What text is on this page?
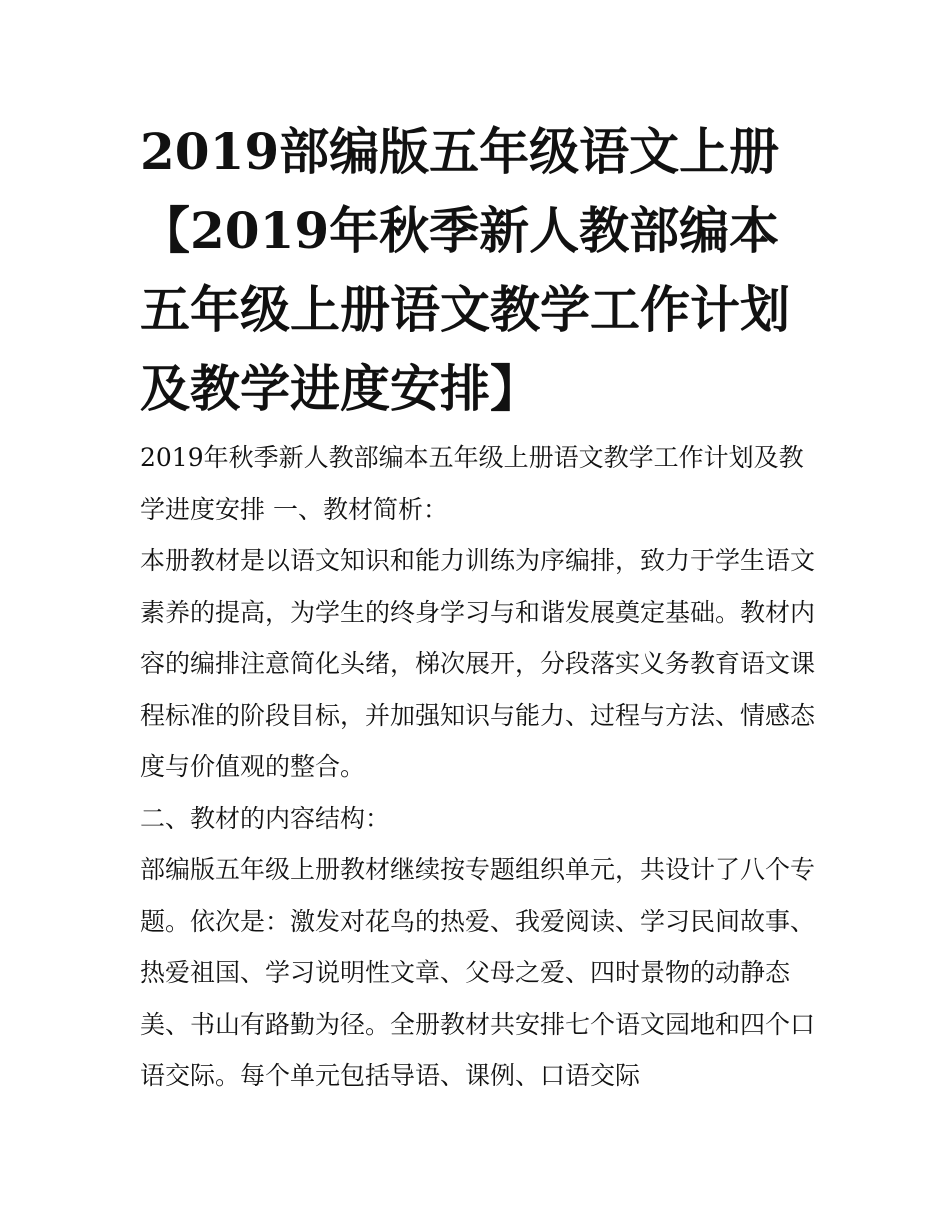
2019部编版五年级语文上册【2019年秋季新人教部编本五年级上册语文教学工作计划及教学进度安排】

2019年秋季新人教部编本五年级上册语文教学工作计划及教学进度安排 一、教材简析：

本册教材是以语文知识和能力训练为序编排，致力于学生语文素养的提高，为学生的终身学习与和谐发展奠定基础。教材内容的编排注意简化头绪，梯次展开，分段落实义务教育语文课程标准的阶段目标，并加强知识与能力、过程与方法、情感态度与价值观的整合。

二、教材的内容结构：

部编版五年级上册教材继续按专题组织单元，共设计了八个专题。依次是：激发对花鸟的热爱、我爱阅读、学习民间故事、热爱祖国、学习说明性文章、父母之爱、四时景物的动静态美、书山有路勤为径。全册教材共安排七个语文园地和四个口语交际。每个单元包括导语、课例、口语交际
